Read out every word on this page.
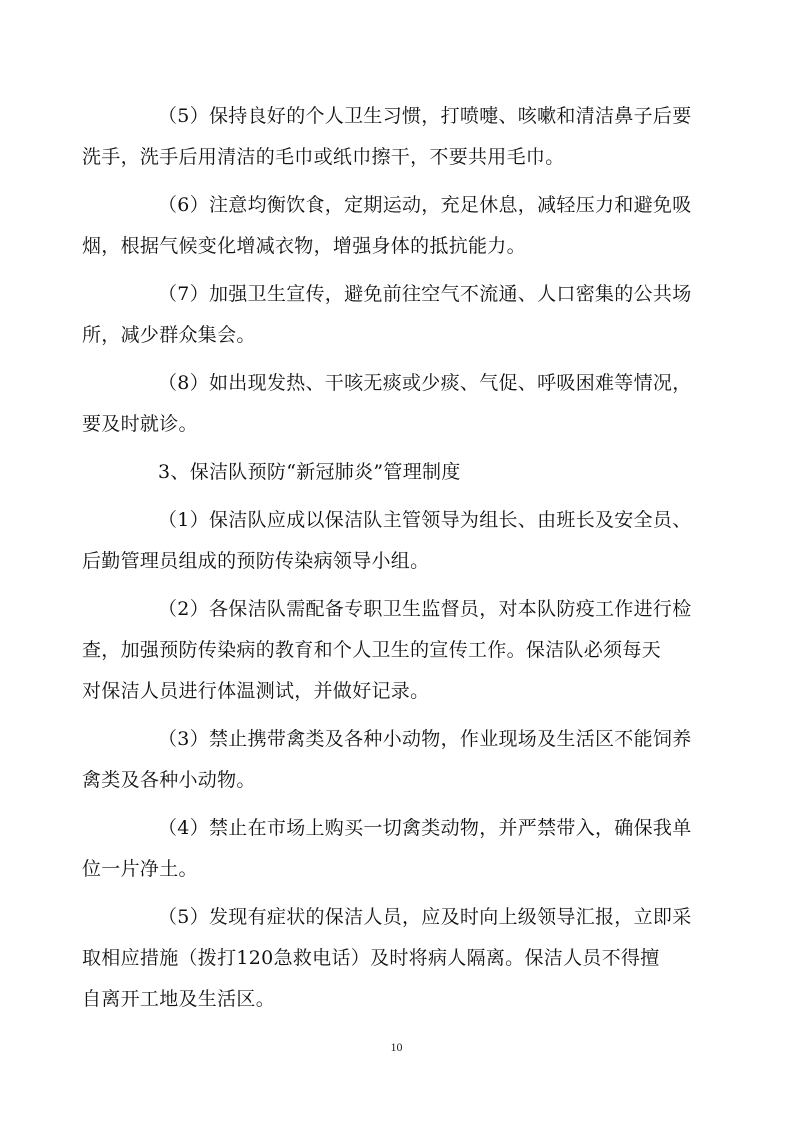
（5）保持良好的个人卫生习惯，打喷嚏、咳嗽和清洁鼻子后要
洗手，洗手后用清洁的毛巾或纸巾擦干，不要共用毛巾。

（6）注意均衡饮食，定期运动，充足休息，减轻压力和避免吸
烟，根据气候变化增减衣物，增强身体的抵抗能力。

（7）加强卫生宣传，避免前往空气不流通、人口密集的公共场
所，减少群众集会。

（8）如出现发热、干咳无痰或少痰、气促、呼吸困难等情况，
要及时就诊。

3、保洁队预防“新冠肺炎”管理制度

（1）保洁队应成以保洁队主管领导为组长、由班长及安全员、
后勤管理员组成的预防传染病领导小组。

（2）各保洁队需配备专职卫生监督员，对本队防疫工作进行检
查，加强预防传染病的教育和个人卫生的宣传工作。保洁队必须每天
对保洁人员进行体温测试，并做好记录。

（3）禁止携带禽类及各种小动物，作业现场及生活区不能饲养
禽类及各种小动物。

（4）禁止在市场上购买一切禽类动物，并严禁带入，确保我单
位一片净土。

（5）发现有症状的保洁人员，应及时向上级领导汇报，立即采
取相应措施（拨打120急救电话）及时将病人隔离。保洁人员不得擅
自离开工地及生活区。

10
